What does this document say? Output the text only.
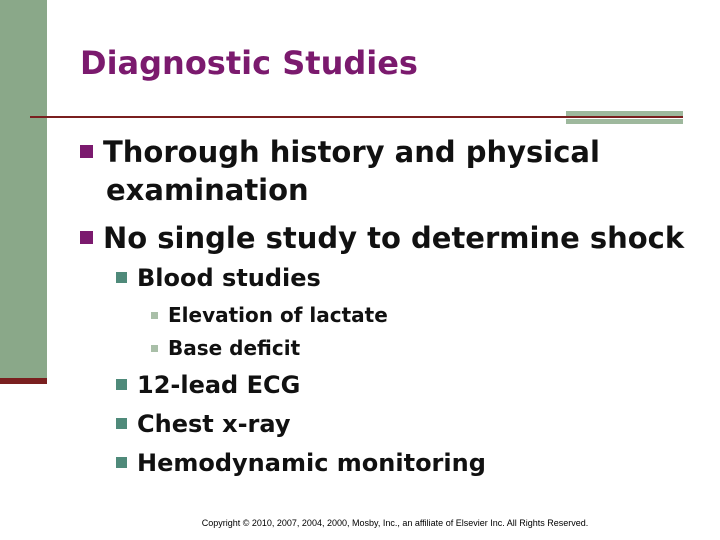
Diagnostic Studies
Thorough history and physical
examination
No single study to determine shock
Blood studies
Elevation of lactate
Base deficit
12-lead ECG
Chest x-ray
Hemodynamic monitoring
Copyright © 2010, 2007, 2004, 2000, Mosby, Inc., an affiliate of Elsevier Inc. All Rights Reserved.
